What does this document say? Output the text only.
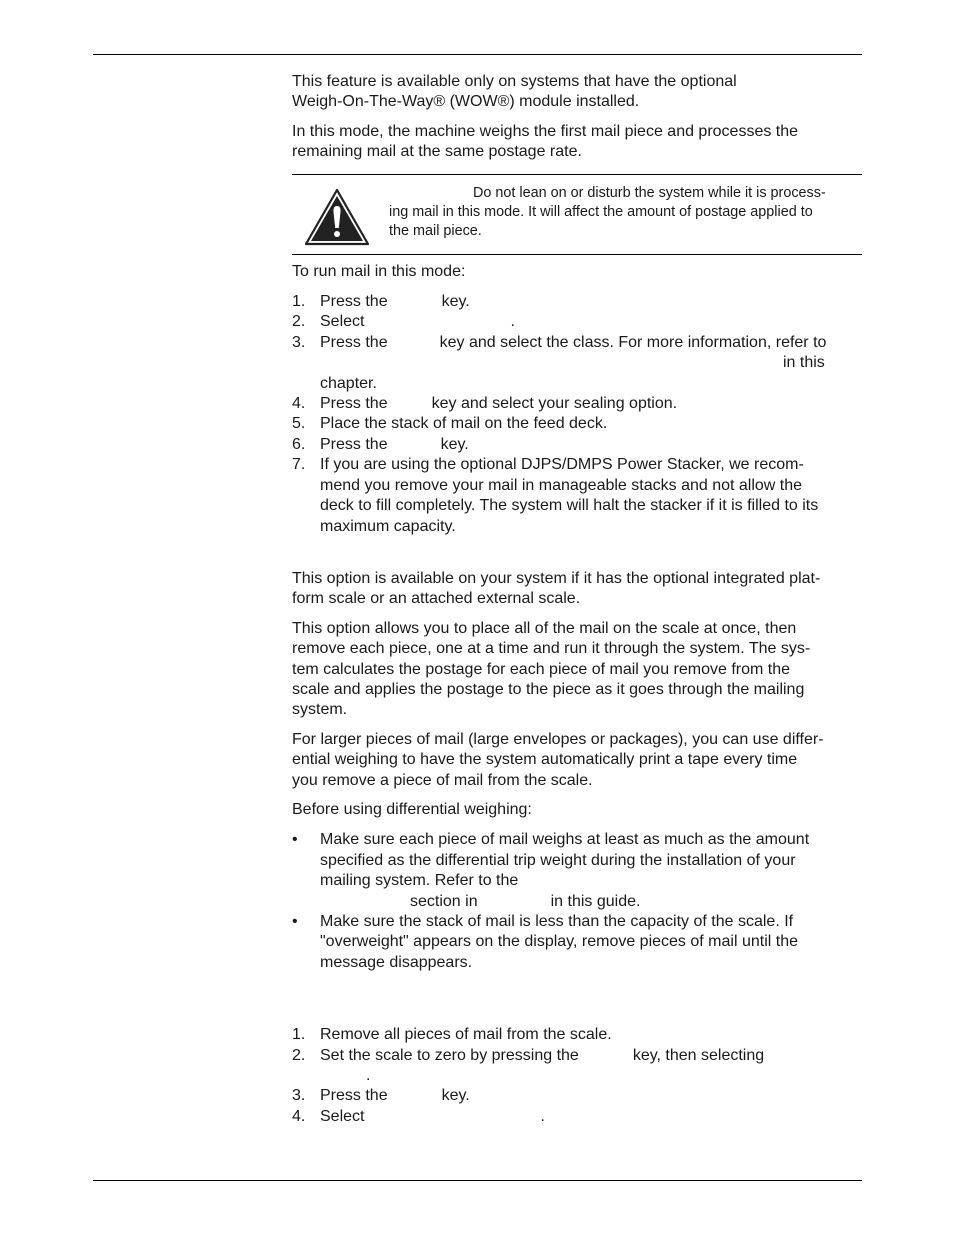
This feature is available only on systems that have the optional
Weigh-On-The-Way® (WOW®) module installed.

In this mode, the machine weighs the first mail piece and processes the
remaining mail at the same postage rate.

Do not lean on or disturb the system while it is process-
ing mail in this mode. It will affect the amount of postage applied to
the mail piece.

To run mail in this mode:

1. Press the	key.
2. Select	.
3. Press the	key and select the class. For more information, refer to
in this
chapter.
4. Press the	key and select your sealing option.
5. Place the stack of mail on the feed deck.
6. Press the	key.
7. If you are using the optional DJPS/DMPS Power Stacker, we recom-
mend you remove your mail in manageable stacks and not allow the
deck to fill completely. The system will halt the stacker if it is filled to its
maximum capacity.

This option is available on your system if it has the optional integrated plat-
form scale or an attached external scale.

This option allows you to place all of the mail on the scale at once, then
remove each piece, one at a time and run it through the system. The sys-
tem calculates the postage for each piece of mail you remove from the
scale and applies the postage to the piece as it goes through the mailing
system.

For larger pieces of mail (large envelopes or packages), you can use differ-
ential weighing to have the system automatically print a tape every time
you remove a piece of mail from the scale.

Before using differential weighing:

• Make sure each piece of mail weighs at least as much as the amount
specified as the differential trip weight during the installation of your
mailing system. Refer to the
section in	in this guide.
• Make sure the stack of mail is less than the capacity of the scale. If
"overweight" appears on the display, remove pieces of mail until the
message disappears.
1. Remove all pieces of mail from the scale.
2. Set the scale to zero by pressing the	key, then selecting
.
3. Press the	key.
4. Select	.
